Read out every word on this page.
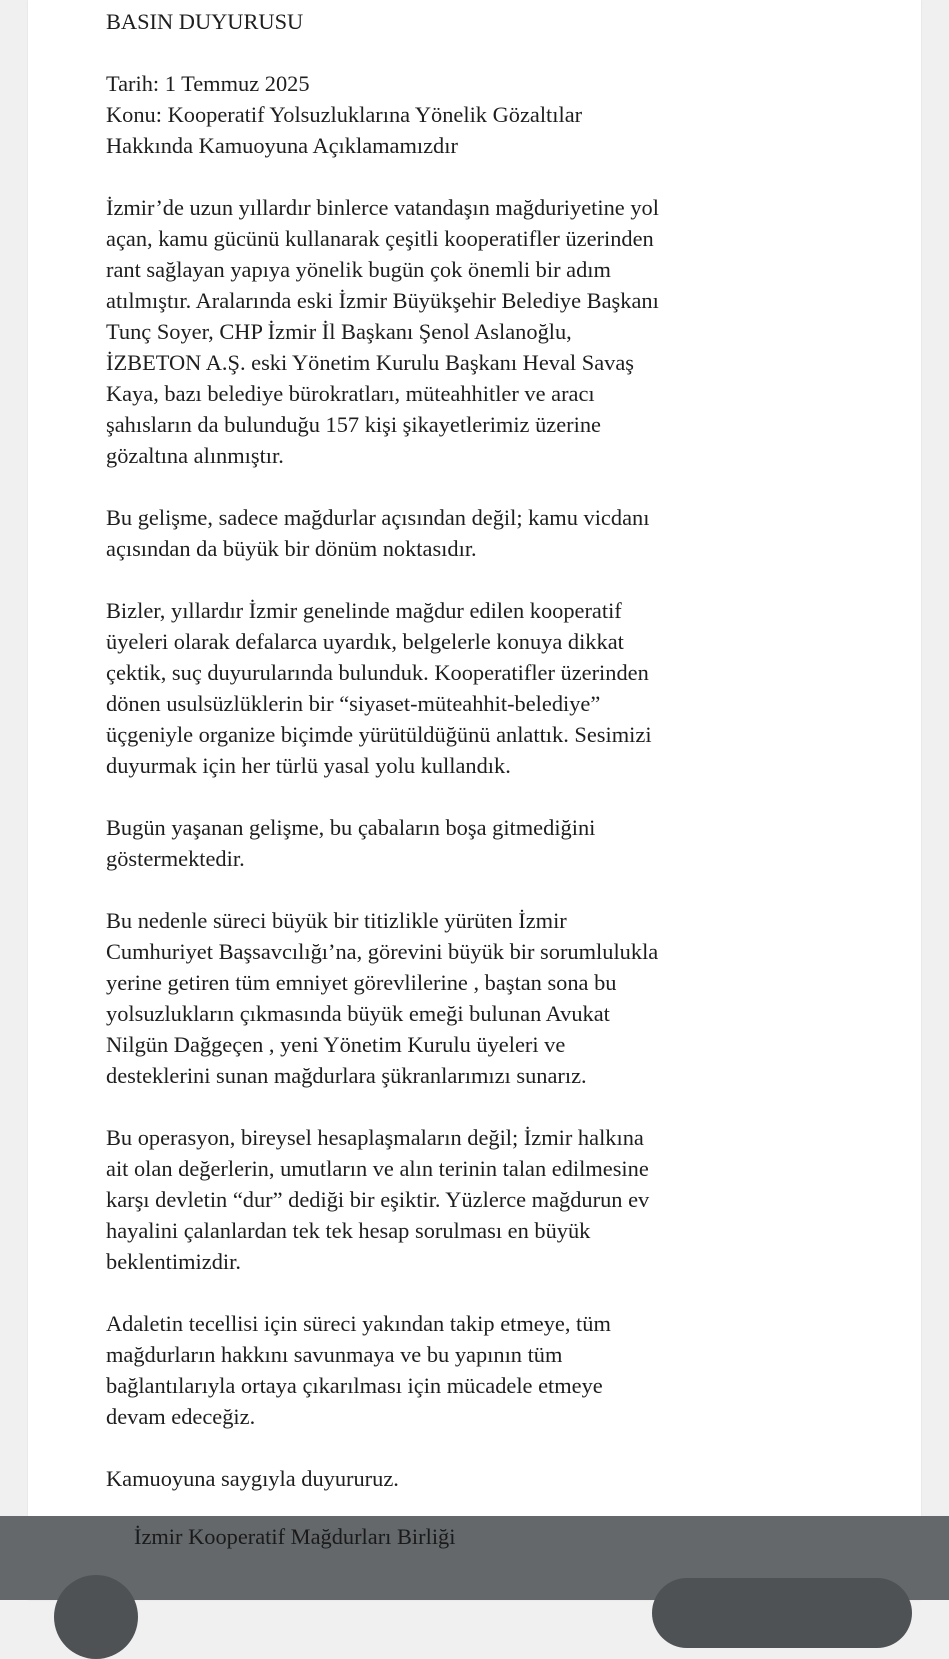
BASIN DUYURUSU

Tarih: 1 Temmuz 2025

Konu: Kooperatif Yolsuzluklarına Yönelik Gözaltılar

Hakkında Kamuoyuna Açıklamamızdır

İzmir’de uzun yıllardır binlerce vatandaşın mağduriyetine yol
açan, kamu gücünü kullanarak çeşitli kooperatifler üzerinden
rant sağlayan yapıya yönelik bugün çok önemli bir adım
atılmıştır. Aralarında eski İzmir Büyükşehir Belediye Başkanı
Tunç Soyer, CHP İzmir İl Başkanı Şenol Aslanoğlu,
İZBETON A.Ş. eski Yönetim Kurulu Başkanı Heval Savaş
Kaya, bazı belediye bürokratları, müteahhitler ve aracı
şahısların da bulunduğu 157 kişi şikayetlerimiz üzerine
gözaltına alınmıştır.

Bu gelişme, sadece mağdurlar açısından değil; kamu vicdanı
açısından da büyük bir dönüm noktasıdır.

Bizler, yıllardır İzmir genelinde mağdur edilen kooperatif
üyeleri olarak defalarca uyardık, belgelerle konuya dikkat
çektik, suç duyurularında bulunduk. Kooperatifler üzerinden
dönen usulsüzlüklerin bir “siyaset-müteahhit-belediye”
üçgeniyle organize biçimde yürütüldüğünü anlattık. Sesimizi
duyurmak için her türlü yasal yolu kullandık.

Bugün yaşanan gelişme, bu çabaların boşa gitmediğini
göstermektedir.

Bu nedenle süreci büyük bir titizlikle yürüten İzmir
Cumhuriyet Başsavcılığı’na, görevini büyük bir sorumlulukla
yerine getiren tüm emniyet görevlilerine , baştan sona bu
yolsuzlukların çıkmasında büyük emeği bulunan Avukat
Nilgün Dağgeçen , yeni Yönetim Kurulu üyeleri ve
desteklerini sunan mağdurlara şükranlarımızı sunarız.

Bu operasyon, bireysel hesaplaşmaların değil; İzmir halkına
ait olan değerlerin, umutların ve alın terinin talan edilmesine
karşı devletin “dur” dediği bir eşiktir. Yüzlerce mağdurun ev
hayalini çalanlardan tek tek hesap sorulması en büyük
beklentimizdir.

Adaletin tecellisi için süreci yakından takip etmeye, tüm
mağdurların hakkını savunmaya ve bu yapının tüm
bağlantılarıyla ortaya çıkarılması için mücadele etmeye
devam edeceğiz.

Kamuoyuna saygıyla duyururuz.

İzmir Kooperatif Mağdurları Birliği
